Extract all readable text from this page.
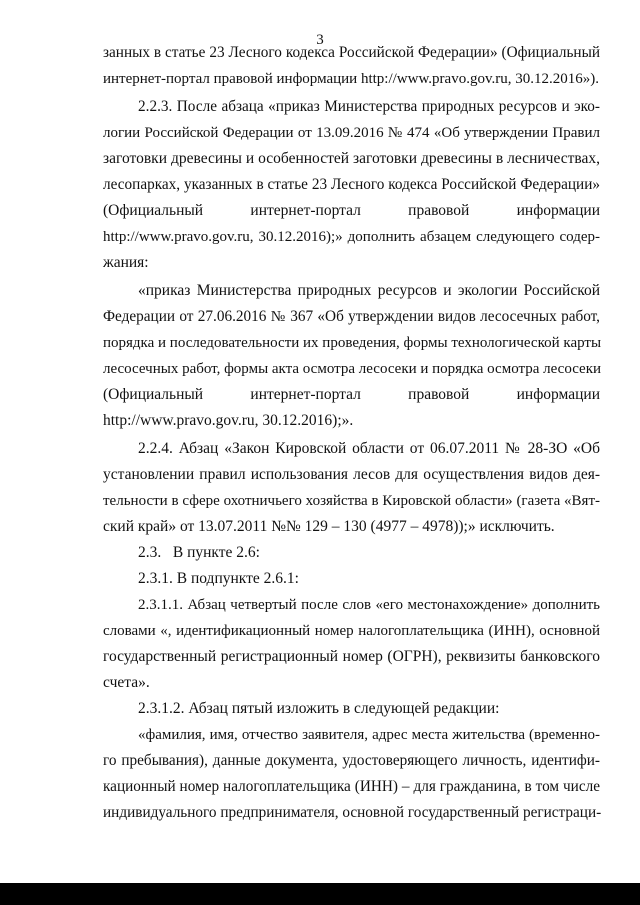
3
занных в статье 23 Лесного кодекса Российской Федерации» (Официальный
интернет-портал правовой информации http://www.pravo.gov.ru, 30.12.2016»).
2.2.3. После абзаца «приказ Министерства природных ресурсов и эко-
логии Российской Федерации от 13.09.2016 № 474 «Об утверждении Правил
заготовки древесины и особенностей заготовки древесины в лесничествах,
лесопарках, указанных в статье 23 Лесного кодекса Российской Федерации»
(Официальный	интернет-портал	правовой	информации
http://www.pravo.gov.ru, 30.12.2016);» дополнить абзацем следующего содер-
жания:
«приказ Министерства природных ресурсов и экологии Российской
Федерации от 27.06.2016 № 367 «Об утверждении видов лесосечных работ,
порядка и последовательности их проведения, формы технологической карты
лесосечных работ, формы акта осмотра лесосеки и порядка осмотра лесосеки
(Официальный	интернет-портал	правовой	информации
http://www.pravo.gov.ru, 30.12.2016);».
2.2.4. Абзац «Закон Кировской области от 06.07.2011 № 28-ЗО «Об
установлении правил использования лесов для осуществления видов дея-
тельности в сфере охотничьего хозяйства в Кировской области» (газета «Вят-
ский край» от 13.07.2011 №№ 129 – 130 (4977 – 4978));» исключить.
2.3.   В пункте 2.6:
2.3.1. В подпункте 2.6.1:
2.3.1.1. Абзац четвертый после слов «его местонахождение» дополнить
словами «, идентификационный номер налогоплательщика (ИНН), основной
государственный регистрационный номер (ОГРН), реквизиты банковского
счета».
2.3.1.2. Абзац пятый изложить в следующей редакции:
«фамилия, имя, отчество заявителя, адрес места жительства (временно-
го пребывания), данные документа, удостоверяющего личность, идентифи-
кационный номер налогоплательщика (ИНН) – для гражданина, в том числе
индивидуального предпринимателя, основной государственный регистраци-
